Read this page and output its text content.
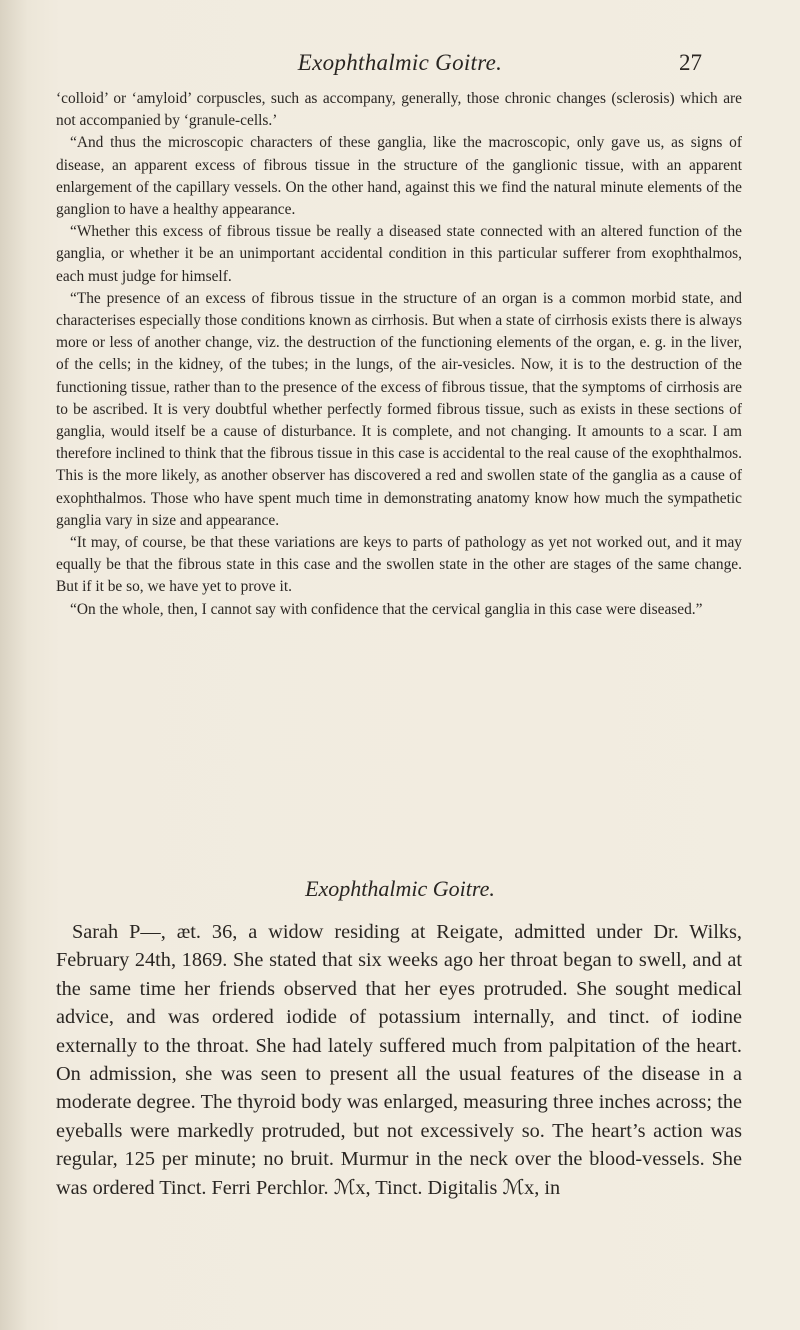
Exophthalmic Goitre.	27

‘colloid’ or ‘amyloid’ corpuscles, such as accompany, generally, those chronic changes (sclerosis) which are not accompanied by ‘granule-cells.’

“And thus the microscopic characters of these ganglia, like the macroscopic, only gave us, as signs of disease, an apparent excess of fibrous tissue in the structure of the ganglionic tissue, with an apparent enlargement of the capillary vessels. On the other hand, against this we find the natural minute elements of the ganglion to have a healthy appearance.

“Whether this excess of fibrous tissue be really a diseased state connected with an altered function of the ganglia, or whether it be an unimportant accidental condition in this particular sufferer from exophthalmos, each must judge for himself.

“The presence of an excess of fibrous tissue in the structure of an organ is a common morbid state, and characterises especially those conditions known as cirrhosis. But when a state of cirrhosis exists there is always more or less of another change, viz. the destruction of the functioning elements of the organ, e. g. in the liver, of the cells; in the kidney, of the tubes; in the lungs, of the air-vesicles. Now, it is to the destruction of the functioning tissue, rather than to the presence of the excess of fibrous tissue, that the symptoms of cirrhosis are to be ascribed. It is very doubtful whether perfectly formed fibrous tissue, such as exists in these sections of ganglia, would itself be a cause of disturbance. It is complete, and not changing. It amounts to a scar. I am therefore inclined to think that the fibrous tissue in this case is accidental to the real cause of the exophthalmos. This is the more likely, as another observer has discovered a red and swollen state of the ganglia as a cause of exophthalmos. Those who have spent much time in demonstrating anatomy know how much the sympathetic ganglia vary in size and appearance.

“It may, of course, be that these variations are keys to parts of pathology as yet not worked out, and it may equally be that the fibrous state in this case and the swollen state in the other are stages of the same change. But if it be so, we have yet to prove it.

“On the whole, then, I cannot say with confidence that the cervical ganglia in this case were diseased.”

Exophthalmic Goitre.

Sarah P—, æt. 36, a widow residing at Reigate, admitted under Dr. Wilks, February 24th, 1869. She stated that six weeks ago her throat began to swell, and at the same time her friends observed that her eyes protruded. She sought medical advice, and was ordered iodide of potassium internally, and tinct. of iodine externally to the throat. She had lately suffered much from palpitation of the heart. On admission, she was seen to present all the usual features of the disease in a moderate degree. The thyroid body was enlarged, measuring three inches across; the eyeballs were markedly protruded, but not excessively so. The heart’s action was regular, 125 per minute; no bruit. Murmur in the neck over the blood-vessels. She was ordered Tinct. Ferri Perchlor. ℳx, Tinct. Digitalis ℳx, in
